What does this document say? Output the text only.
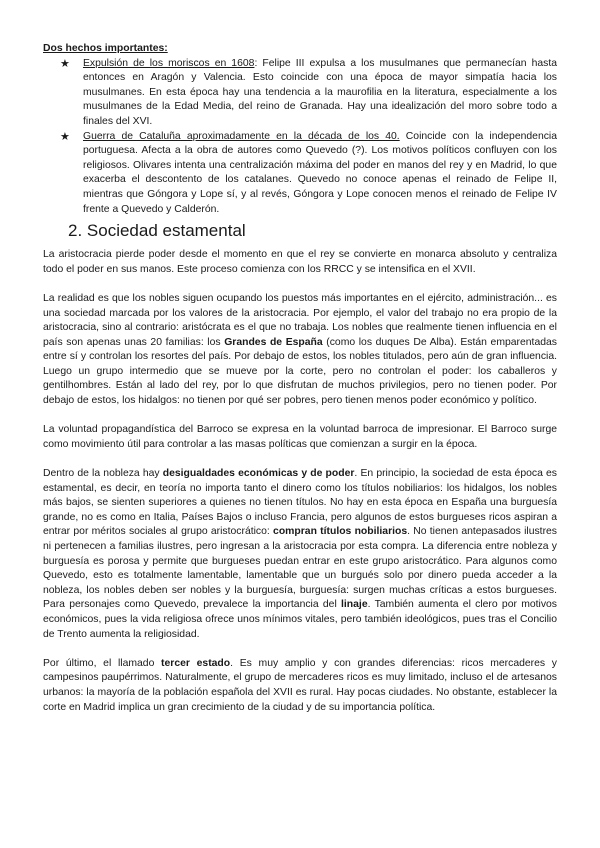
Dos hechos importantes:

★ Expulsión de los moriscos en 1608: Felipe III expulsa a los musulmanes que permanecían hasta entonces en Aragón y Valencia. Esto coincide con una época de mayor simpatía hacia los musulmanes. En esta época hay una tendencia a la maurofilia en la literatura, especialmente a los musulmanes de la Edad Media, del reino de Granada. Hay una idealización del moro sobre todo a finales del XVI.
★ Guerra de Cataluña aproximadamente en la década de los 40. Coincide con la independencia portuguesa. Afecta a la obra de autores como Quevedo (?). Los motivos políticos confluyen con los religiosos. Olivares intenta una centralización máxima del poder en manos del rey y en Madrid, lo que exacerba el descontento de los catalanes. Quevedo no conoce apenas el reinado de Felipe II, mientras que Góngora y Lope sí, y al revés, Góngora y Lope conocen menos el reinado de Felipe IV frente a Quevedo y Calderón.
2. Sociedad estamental

La aristocracia pierde poder desde el momento en que el rey se convierte en monarca absoluto y centraliza todo el poder en sus manos. Este proceso comienza con los RRCC y se intensifica en el XVII.

La realidad es que los nobles siguen ocupando los puestos más importantes en el ejército, administración... es una sociedad marcada por los valores de la aristocracia. Por ejemplo, el valor del trabajo no era propio de la aristocracia, sino al contrario: aristócrata es el que no trabaja. Los nobles que realmente tienen influencia en el país son apenas unas 20 familias: los Grandes de España (como los duques De Alba). Están emparentadas entre sí y controlan los resortes del país. Por debajo de estos, los nobles titulados, pero aún de gran influencia. Luego un grupo intermedio que se mueve por la corte, pero no controlan el poder: los caballeros y gentilhombres. Están al lado del rey, por lo que disfrutan de muchos privilegios, pero no tienen poder. Por debajo de estos, los hidalgos: no tienen por qué ser pobres, pero tienen menos poder económico y político.

La voluntad propagandística del Barroco se expresa en la voluntad barroca de impresionar. El Barroco surge como movimiento útil para controlar a las masas políticas que comienzan a surgir en la época.

Dentro de la nobleza hay desigualdades económicas y de poder. En principio, la sociedad de esta época es estamental, es decir, en teoría no importa tanto el dinero como los títulos nobiliarios: los hidalgos, los nobles más bajos, se sienten superiores a quienes no tienen títulos. No hay en esta época en España una burguesía grande, no es como en Italia, Países Bajos o incluso Francia, pero algunos de estos burgueses ricos aspiran a entrar por méritos sociales al grupo aristocrático: compran títulos nobiliarios. No tienen antepasados ilustres ni pertenecen a familias ilustres, pero ingresan a la aristocracia por esta compra. La diferencia entre nobleza y burguesía es porosa y permite que burgueses puedan entrar en este grupo aristocrático. Para algunos como Quevedo, esto es totalmente lamentable, lamentable que un burgués solo por dinero pueda acceder a la nobleza, los nobles deben ser nobles y la burguesía, burguesía: surgen muchas críticas a estos burgueses. Para personajes como Quevedo, prevalece la importancia del linaje. También aumenta el clero por motivos económicos, pues la vida religiosa ofrece unos mínimos vitales, pero también ideológicos, pues tras el Concilio de Trento aumenta la religiosidad.

Por último, el llamado tercer estado. Es muy amplio y con grandes diferencias: ricos mercaderes y campesinos paupérrimos. Naturalmente, el grupo de mercaderes ricos es muy limitado, incluso el de artesanos urbanos: la mayoría de la población española del XVII es rural. Hay pocas ciudades. No obstante, establecer la corte en Madrid implica un gran crecimiento de la ciudad y de su importancia política.
